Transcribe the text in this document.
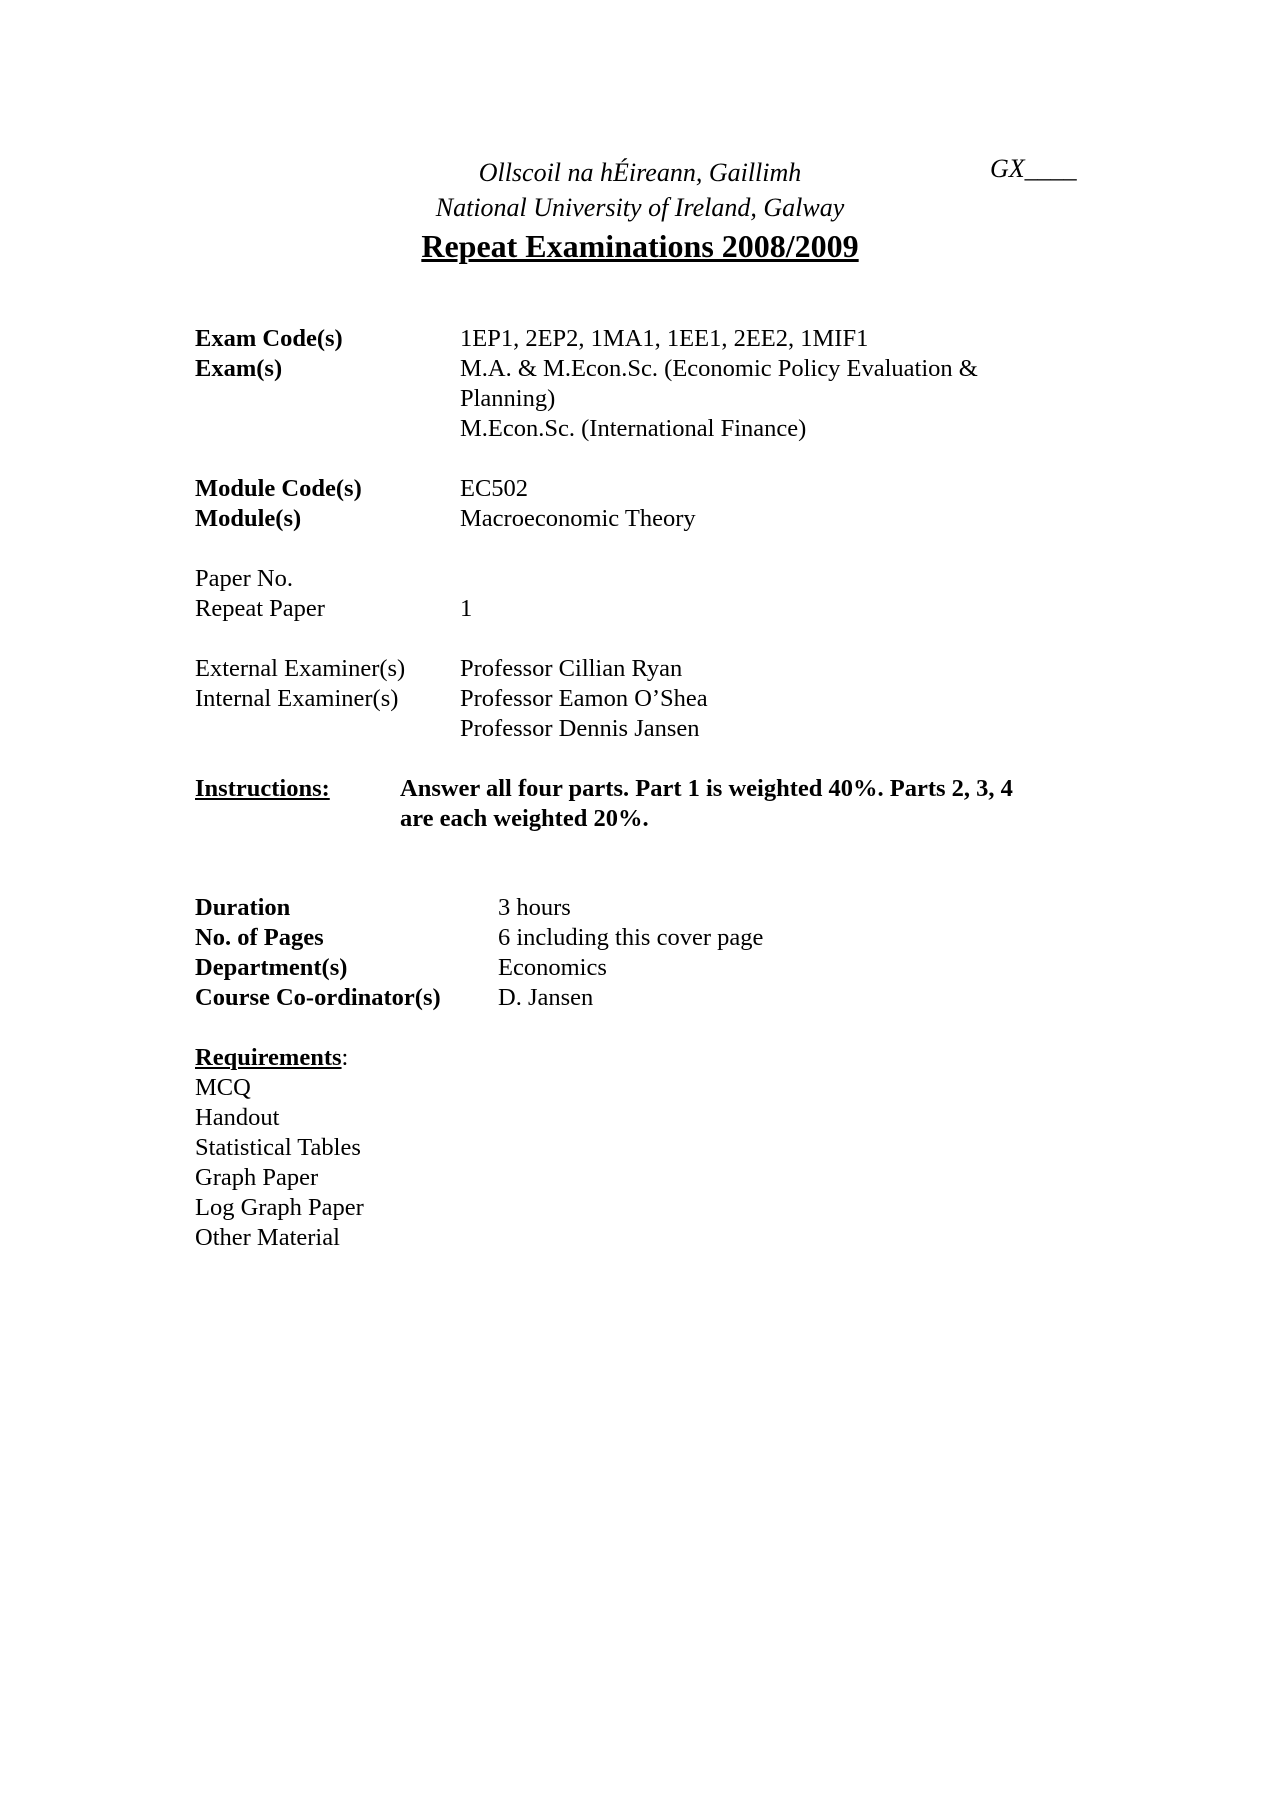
Ollscoil na hÉireann, Gaillimh	GX____
National University of Ireland, Galway
Repeat Examinations 2008/2009
Exam Code(s)	1EP1, 2EP2, 1MA1, 1EE1, 2EE2, 1MIF1
Exam(s)	M.A. & M.Econ.Sc. (Economic Policy Evaluation &
Planning)
M.Econ.Sc. (International Finance)
Module Code(s)	EC502
Module(s)	Macroeconomic Theory
Paper No.
Repeat Paper	1
External Examiner(s) Professor Cillian Ryan
Internal Examiner(s)	Professor Eamon O’Shea
Professor Dennis Jansen
Instructions:	Answer all four parts. Part 1 is weighted 40%. Parts 2, 3, 4
are each weighted 20%.
Duration	3 hours
No. of Pages	6 including this cover page
Department(s)	Economics
Course Co-ordinator(s) D. Jansen
Requirements:
MCQ
Handout
Statistical Tables
Graph Paper
Log Graph Paper
Other Material
